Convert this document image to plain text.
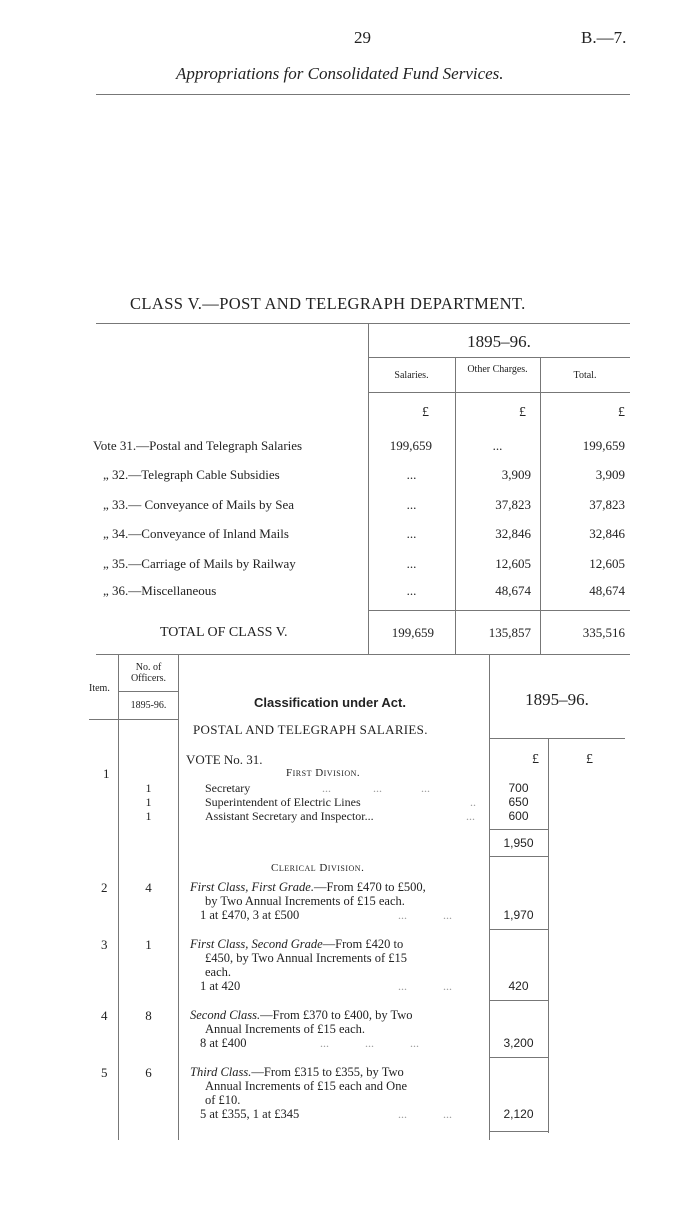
29	B.—7.
Appropriations for Consolidated Fund Services.
CLASS V.—POST AND TELEGRAPH DEPARTMENT.
1895–96.
Salaries.
Other Charges.
Total.
£	£	£
Vote 31.—Postal and Telegraph Salaries	199,659	...	199,659
„ 32.—Telegraph Cable Subsidies	...	3,909	3,909
„ 33.— Conveyance of Mails by Sea	...	37,823	37,823
„ 34.—Conveyance of Inland Mails	...	32,846	32,846
„ 35.—Carriage of Mails by Railway	...	12,605	12,605
„ 36.—Miscellaneous	...	48,674	48,674
TOTAL OF CLASS V.	199,659	135,857	335,516
Item.
No. of Officers.
1895-96.	Classification under Act.	1895–96.
POSTAL AND TELEGRAPH SALARIES.
VOTE No. 31.	£	£
First Division.
1
1	Secretary	...              ...             ...	700
1	Superintendent of Electric Lines	..	650
1	Assistant Secretary and Inspector...	...	600
1,950
Clerical Division.
2	4	First Class, First Grade.—From £470 to £500,
by Two Annual Increments of £15 each.
1 at £470, 3 at £500	...            ...	1,970
3	1	First Class, Second Grade—From £420 to
£450, by Two Annual Increments of £15
each.
1 at 420	...            ...	420
4	8	Second Class.—From £370 to £400, by Two
Annual Increments of £15 each.
8 at £400	...            ...            ...	3,200
5	6	Third Class.—From £315 to £355, by Two
Annual Increments of £15 each and One
of £10.
5 at £355, 1 at £345	...            ...	2,120
